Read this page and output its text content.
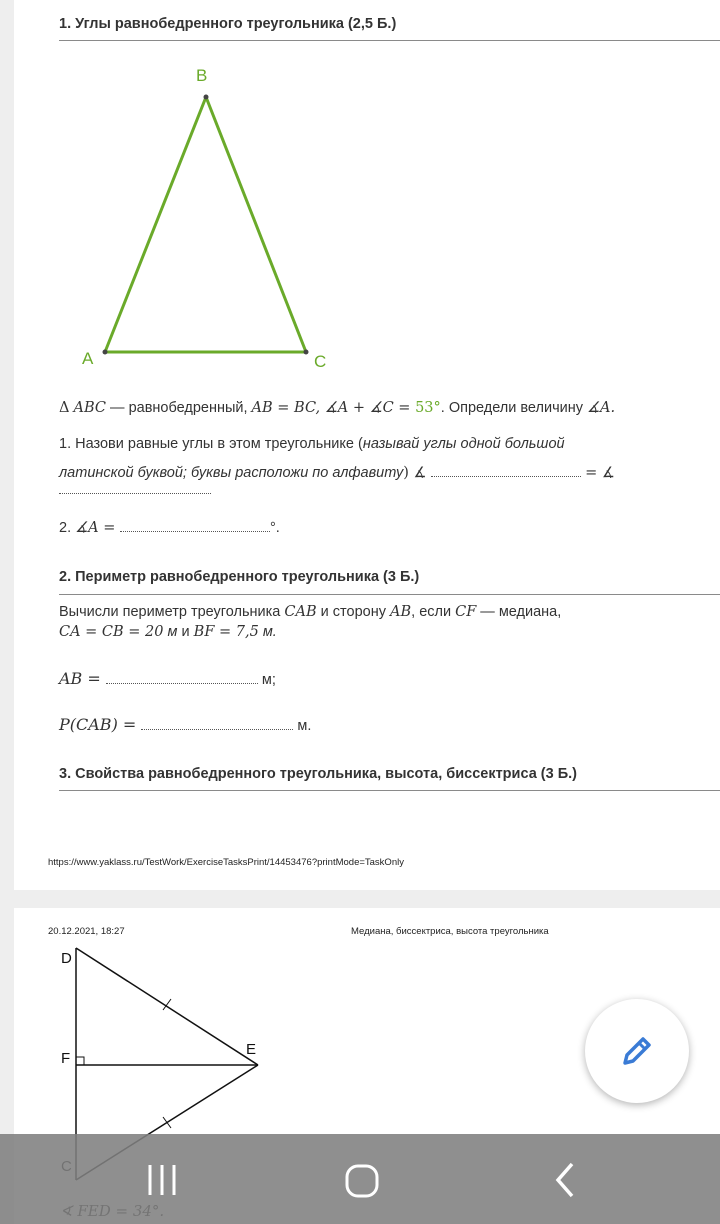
1. Углы равнобедренного треугольника (2,5 Б.)
B
A	C
Δ ABC — равнобедренный, AB = BC, ∡A + ∡C = 53°. Определи величину ∡A.
1. Назови равные углы в этом треугольнике (называй углы одной большой
латинской буквой; буквы расположи по алфавиту) ∡	= ∡
2. ∡A =	°.
2. Периметр равнобедренного треугольника (3 Б.)
Вычисли периметр треугольника CAB и сторону AB, если CF — медиана,
CA = CB = 20 м и BF = 7,5 м.
AB =	м;
P(CAB) =	м.
3. Свойства равнобедренного треугольника, высота, биссектриса (3 Б.)
https://www.yaklass.ru/TestWork/ExerciseTasksPrint/14453476?printMode=TaskOnly
20.12.2021, 18:27	Медиана, биссектриса, высота треугольника
D
F
E
